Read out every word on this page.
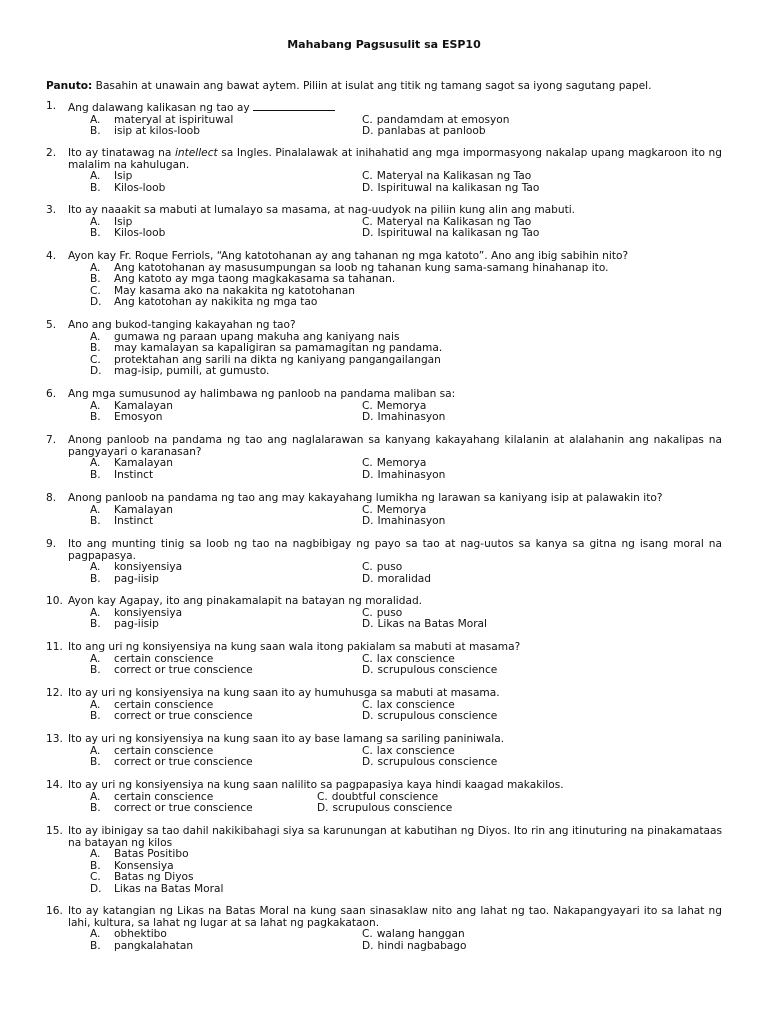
Mahabang Pagsusulit sa ESP10
Panuto: Basahin at unawain ang bawat aytem. Piliin at isulat ang titik ng tamang sagot sa iyong sagutang papel.
1.	Ang dalawang kalikasan ng tao ay
A.	materyal at ispirituwal	C. pandamdam at emosyon
B.	isip at kilos-loob	D. panlabas at panloob
2.	Ito ay tinatawag na intellect sa Ingles. Pinalalawak at inihahatid ang mga impormasyong nakalap upang magkaroon ito ng malalim na kahulugan.
A.	Isip	C. Materyal na Kalikasan ng Tao
B.	Kilos-loob	D. Ispirituwal na kalikasan ng Tao
3.	Ito ay naaakit sa mabuti at lumalayo sa masama, at nag-uudyok na piliin kung alin ang mabuti.
A.	Isip	C. Materyal na Kalikasan ng Tao
B.	Kilos-loob	D. Ispirituwal na kalikasan ng Tao
4.	Ayon kay Fr. Roque Ferriols, “Ang katotohanan ay ang tahanan ng mga katoto”. Ano ang ibig sabihin nito?
A.	Ang katotohanan ay masusumpungan sa loob ng tahanan kung sama-samang hinahanap ito.
B.	Ang katoto ay mga taong magkakasama sa tahanan.
C.	May kasama ako na nakakita ng katotohanan
D.	Ang katotohan ay nakikita ng mga tao
5.	Ano ang bukod-tanging kakayahan ng tao?
A.	gumawa ng paraan upang makuha ang kaniyang nais
B.	may kamalayan sa kapaligiran sa pamamagitan ng pandama.
C.	protektahan ang sarili na dikta ng kaniyang pangangailangan
D.	mag-isip, pumili, at gumusto.
6.	Ang mga sumusunod ay halimbawa ng panloob na pandama maliban sa:
A.	Kamalayan	C. Memorya
B.	Emosyon	D. Imahinasyon
7.	Anong panloob na pandama ng tao ang naglalarawan sa kanyang kakayahang kilalanin at alalahanin ang nakalipas na pangyayari o karanasan?
A.	Kamalayan	C. Memorya
B.	Instinct	D. Imahinasyon
8.	Anong panloob na pandama ng tao ang may kakayahang lumikha ng larawan sa kaniyang isip at palawakin ito?
A.	Kamalayan	C. Memorya
B.	Instinct	D. Imahinasyon
9.	Ito ang munting tinig sa loob ng tao na nagbibigay ng payo sa tao at nag-uutos sa kanya sa gitna ng isang moral na pagpapasya.
A.	konsiyensiya	C. puso
B.	pag-iisip	D. moralidad
10. Ayon kay Agapay, ito ang pinakamalapit na batayan ng moralidad.
A.	konsiyensiya	C. puso
B.	pag-iisip	D. Likas na Batas Moral
11. Ito ang uri ng konsiyensiya na kung saan wala itong pakialam sa mabuti at masama?
A.	certain conscience	C. lax conscience
B.	correct or true conscience	D. scrupulous conscience
12. Ito ay uri ng konsiyensiya na kung saan ito ay humuhusga sa mabuti at masama.
A.	certain conscience	C. lax conscience
B.	correct or true conscience	D. scrupulous conscience
13. Ito ay uri ng konsiyensiya na kung saan ito ay base lamang sa sariling paniniwala.
A.	certain conscience	C. lax conscience
B.	correct or true conscience	D. scrupulous conscience
14. Ito ay uri ng konsiyensiya na kung saan nalilito sa pagpapasiya kaya hindi kaagad makakilos.
A.	certain conscience	C. doubtful conscience
B.	correct or true conscience	D. scrupulous conscience
15. Ito ay ibinigay sa tao dahil nakikibahagi siya sa karunungan at kabutihan ng Diyos. Ito rin ang itinuturing na pinakamataas na batayan ng kilos
A.	Batas Positibo
B.	Konsensiya
C.	Batas ng Diyos
D.	Likas na Batas Moral
16. Ito ay katangian ng Likas na Batas Moral na kung saan sinasaklaw nito ang lahat ng tao. Nakapangyayari ito sa lahat ng lahi, kultura, sa lahat ng lugar at sa lahat ng pagkakataon.
A.	obhektibo	C. walang hanggan
B.	pangkalahatan	D. hindi nagbabago
